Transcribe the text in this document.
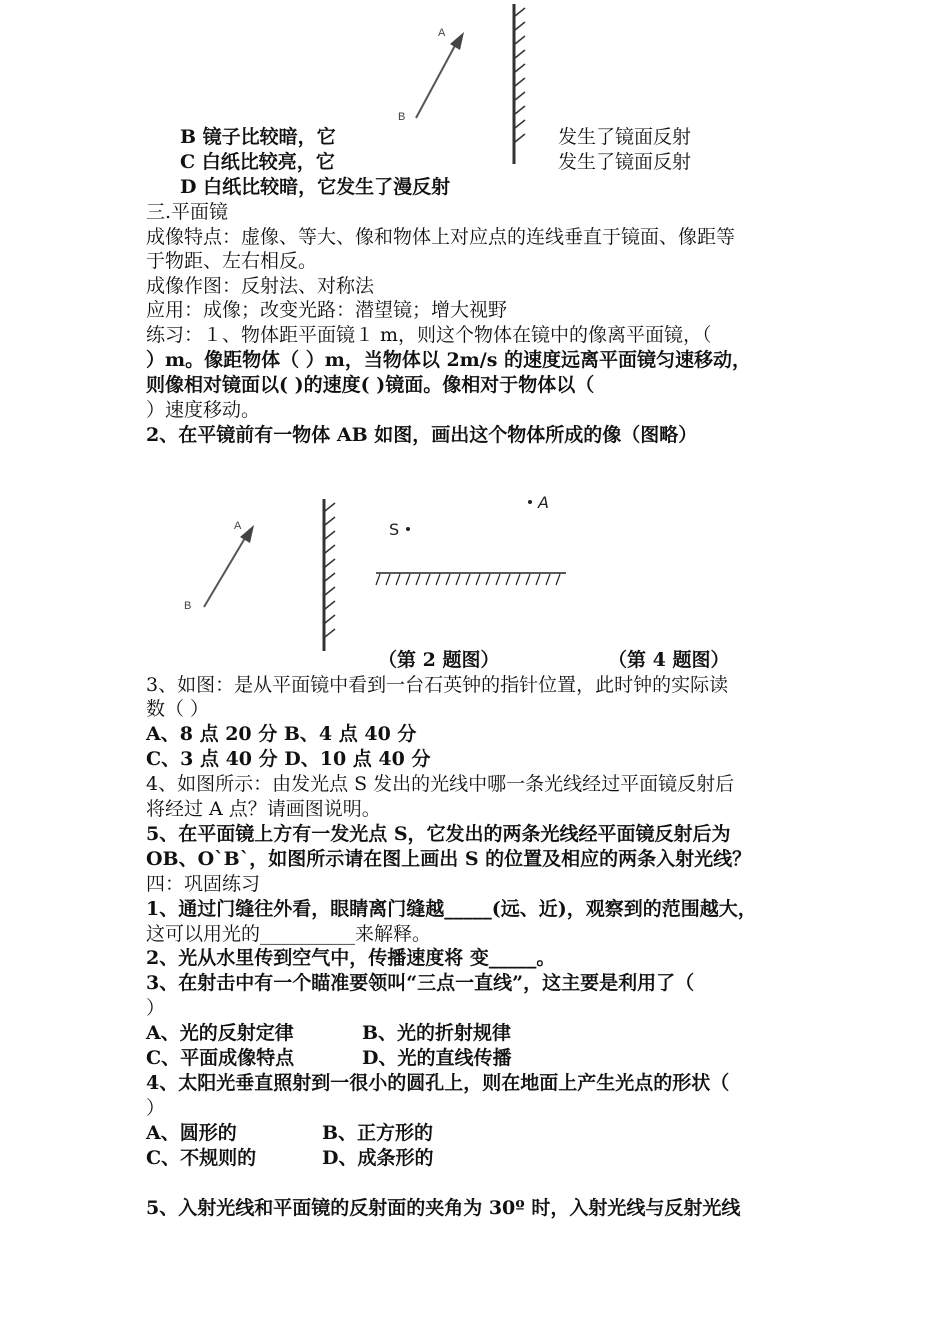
A
B
B 镜子比较暗，它	发生了镜面反射
C 白纸比较亮，它	发生了镜面反射
D 白纸比较暗，它发生了漫反射
三.平面镜
成像特点：虚像、等大、像和物体上对应点的连线垂直于镜面、像距等
于物距、左右相反。
成像作图：反射法、对称法
应用：成像；改变光路：潜望镜；增大视野
练习：１、物体距平面镜１ m，则这个物体在镜中的像离平面镜，（
）m。像距物体（ ）m，当物体以 2m/s 的速度远离平面镜匀速移动，
则像相对镜面以( )的速度( )镜面。像相对于物体以（
）速度移动。
2、在平镜前有一物体 AB 如图，画出这个物体所成的像（图略）
A
B
A
S
（第 2 题图）	（第 4 题图）
3、如图：是从平面镜中看到一台石英钟的指针位置，此时钟的实际读
数（ ）
A、8 点 20 分 B、4 点 40 分
C、3 点 40 分 D、10 点 40 分
4、如图所示：由发光点 S 发出的光线中哪一条光线经过平面镜反射后
将经过 A 点？请画图说明。
5、在平面镜上方有一发光点 S，它发出的两条光线经平面镜反射后为
OB、O`B`，如图所示请在图上画出 S 的位置及相应的两条入射光线？
四：巩固练习
1、通过门缝往外看，眼睛离门缝越_____(远、近)，观察到的范围越大，
这可以用光的__________来解释。
2、光从水里传到空气中，传播速度将 变_____。
3、在射击中有一个瞄准要领叫“三点一直线”，这主要是利用了（
）
A、光的反射定律	B、光的折射规律
C、平面成像特点	D、光的直线传播
4、太阳光垂直照射到一很小的圆孔上，则在地面上产生光点的形状（
）
A、圆形的	B、正方形的
C、不规则的	D、成条形的
5、入射光线和平面镜的反射面的夹角为 30º 时，入射光线与反射光线
